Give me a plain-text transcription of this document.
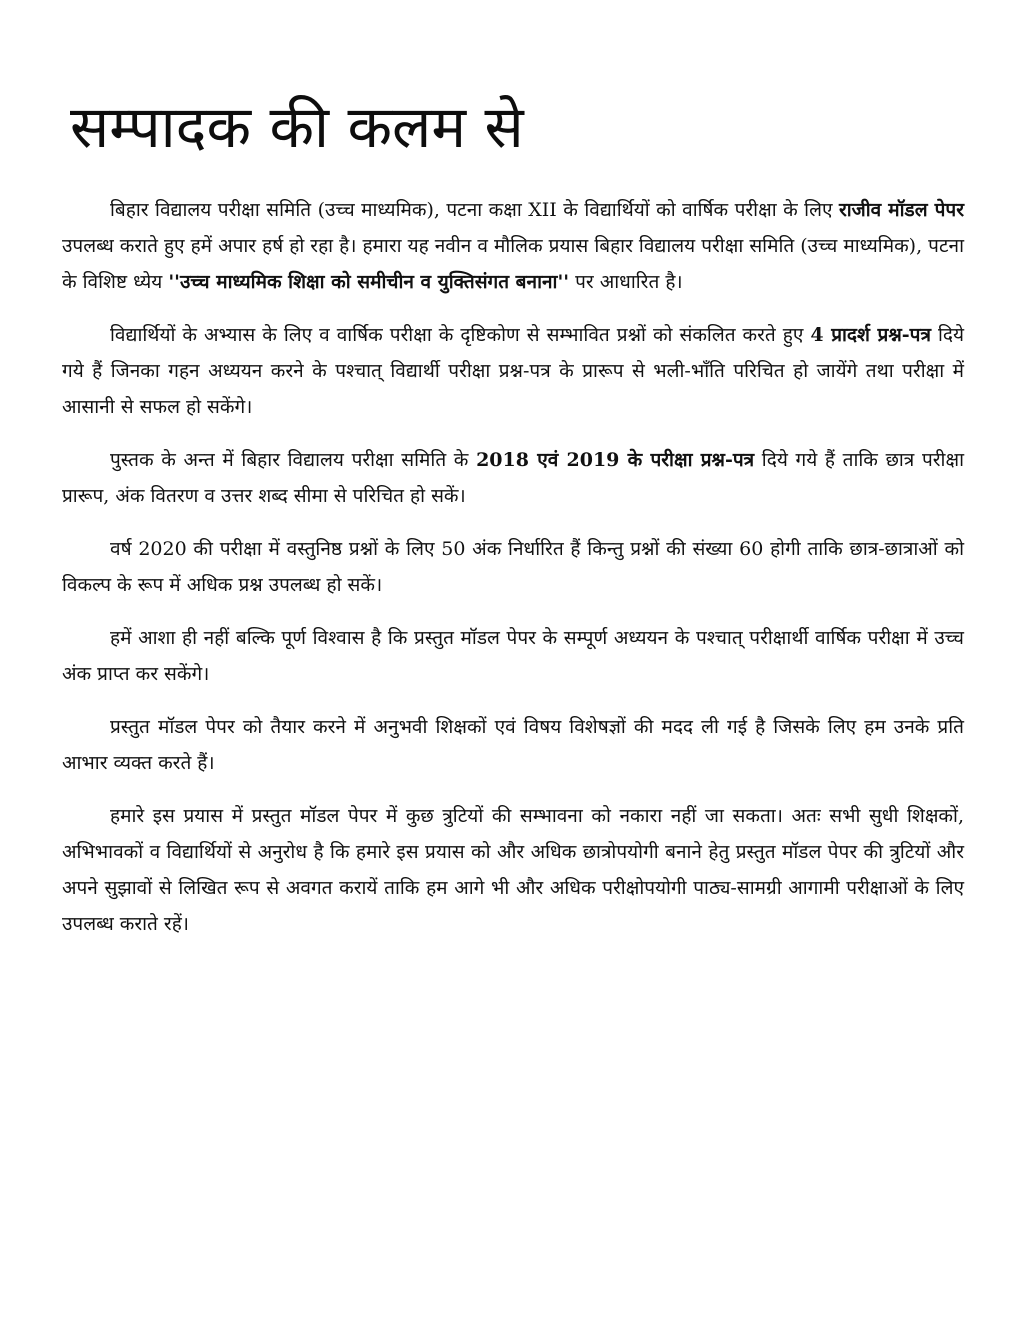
सम्पादक की कलम से

बिहार विद्यालय परीक्षा समिति (उच्च माध्यमिक), पटना कक्षा XII के विद्यार्थियों को वार्षिक परीक्षा के लिए राजीव मॉडल पेपर उपलब्ध कराते हुए हमें अपार हर्ष हो रहा है। हमारा यह नवीन व मौलिक प्रयास बिहार विद्यालय परीक्षा समिति (उच्च माध्यमिक), पटना के विशिष्ट ध्येय ''उच्च माध्यमिक शिक्षा को समीचीन व युक्तिसंगत बनाना'' पर आधारित है।

विद्यार्थियों के अभ्यास के लिए व वार्षिक परीक्षा के दृष्टिकोण से सम्भावित प्रश्नों को संकलित करते हुए 4 प्रादर्श प्रश्न-पत्र दिये गये हैं जिनका गहन अध्ययन करने के पश्चात् विद्यार्थी परीक्षा प्रश्न-पत्र के प्रारूप से भली-भाँति परिचित हो जायेंगे तथा परीक्षा में आसानी से सफल हो सकेंगे।

पुस्तक के अन्त में बिहार विद्यालय परीक्षा समिति के 2018 एवं 2019 के परीक्षा प्रश्न-पत्र दिये गये हैं ताकि छात्र परीक्षा प्रारूप, अंक वितरण व उत्तर शब्द सीमा से परिचित हो सकें।

वर्ष 2020 की परीक्षा में वस्तुनिष्ठ प्रश्नों के लिए 50 अंक निर्धारित हैं किन्तु प्रश्नों की संख्या 60 होगी ताकि छात्र-छात्राओं को विकल्प के रूप में अधिक प्रश्न उपलब्ध हो सकें।

हमें आशा ही नहीं बल्कि पूर्ण विश्वास है कि प्रस्तुत मॉडल पेपर के सम्पूर्ण अध्ययन के पश्चात् परीक्षार्थी वार्षिक परीक्षा में उच्च अंक प्राप्त कर सकेंगे।

प्रस्तुत मॉडल पेपर को तैयार करने में अनुभवी शिक्षकों एवं विषय विशेषज्ञों की मदद ली गई है जिसके लिए हम उनके प्रति आभार व्यक्त करते हैं।

हमारे इस प्रयास में प्रस्तुत मॉडल पेपर में कुछ त्रुटियों की सम्भावना को नकारा नहीं जा सकता। अतः सभी सुधी शिक्षकों, अभिभावकों व विद्यार्थियों से अनुरोध है कि हमारे इस प्रयास को और अधिक छात्रोपयोगी बनाने हेतु प्रस्तुत मॉडल पेपर की त्रुटियों और अपने सुझावों से लिखित रूप से अवगत करायें ताकि हम आगे भी और अधिक परीक्षोपयोगी पाठ्य-सामग्री आगामी परीक्षाओं के लिए उपलब्ध कराते रहें।
